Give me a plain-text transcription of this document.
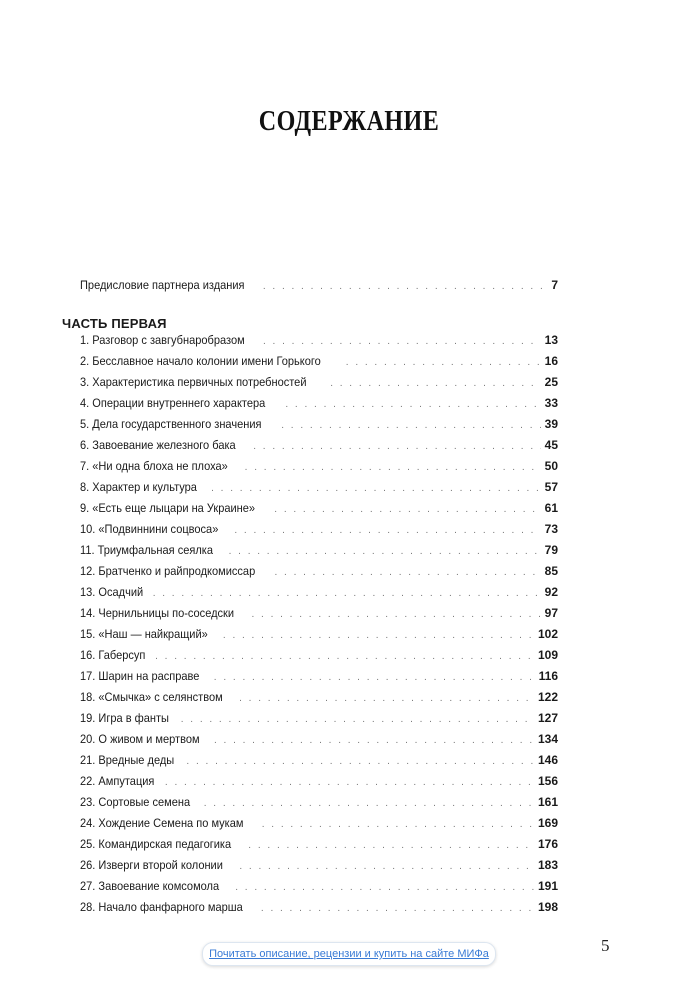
СОДЕРЖАНИЕ
Предисловие партнера издания . . .	7
ЧАСТЬ ПЕРВАЯ
1. Разговор с завгубнаробразом . . .	13
2. Бесславное начало колонии имени Горького . . .	16
3. Характеристика первичных потребностей . . .	25
4. Операции внутреннего характера . . .	33
5. Дела государственного значения . . .	39
6. Завоевание железного бака . . .	45
7. «Ни одна блоха не плоха» . . .	50
8. Характер и культура . . .	57
9. «Есть еще лыцари на Украине» . . .	61
10. «Подвиннини соцвоса» . . .	73
11. Триумфальная сеялка . . .	79
12. Братченко и райпродкомиссар . . .	85
13. Осадчий . . .	92
14. Чернильницы по-соседски . . .	97
15. «Наш — найкращий» . . .	102
16. Габерсуп . . .	109
17. Шарин на расправе . . .	116
18. «Смычка» с селянством . . .	122
19. Игра в фанты . . .	127
20. О живом и мертвом . . .	134
21. Вредные деды . . .	146
22. Ампутация . . .	156
23. Сортовые семена . . .	161
24. Хождение Семена по мукам . . .	169
25. Командирская педагогика . . .	176
26. Изверги второй колонии . . .	183
27. Завоевание комсомола . . .	191
28. Начало фанфарного марша . . .	198
5
Почитать описание, рецензии и купить на сайте МИФа
